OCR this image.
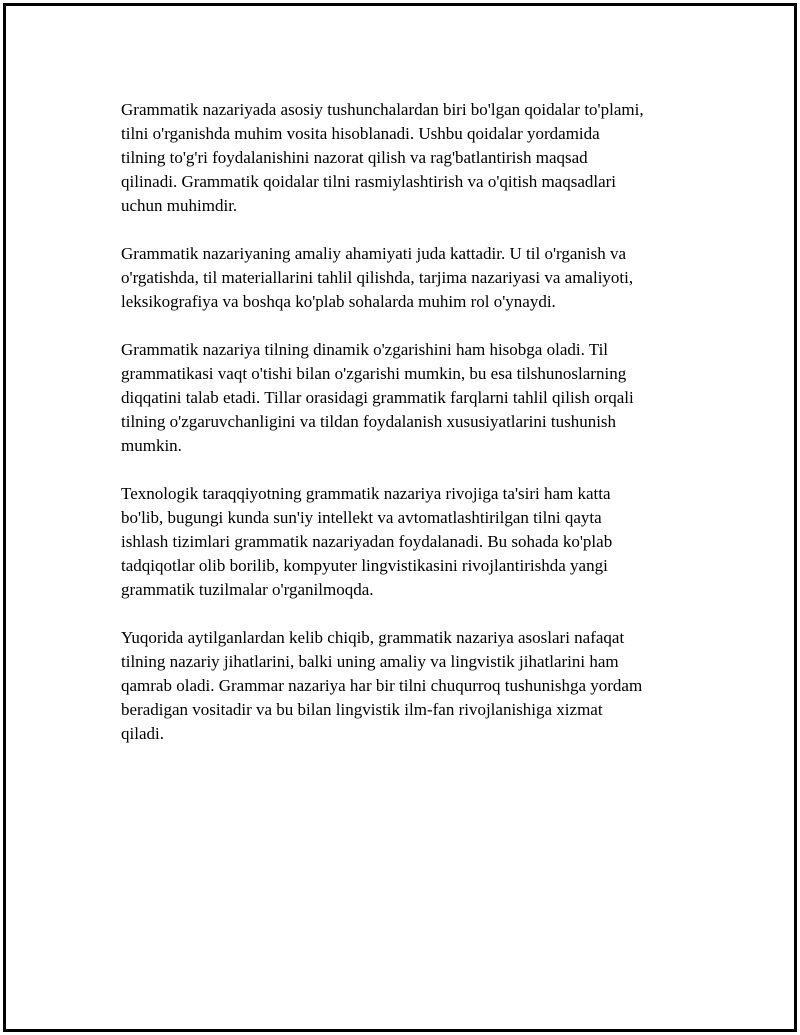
Grammatik nazariyada asosiy tushunchalardan biri bo'lgan qoidalar to'plami,
tilni o'rganishda muhim vosita hisoblanadi. Ushbu qoidalar yordamida
tilning to'g'ri foydalanishini nazorat qilish va rag'batlantirish maqsad
qilinadi. Grammatik qoidalar tilni rasmiylashtirish va o'qitish maqsadlari
uchun muhimdir.

Grammatik nazariyaning amaliy ahamiyati juda kattadir. U til o'rganish va
o'rgatishda, til materiallarini tahlil qilishda, tarjima nazariyasi va amaliyoti,
leksikografiya va boshqa ko'plab sohalarda muhim rol o'ynaydi.

Grammatik nazariya tilning dinamik o'zgarishini ham hisobga oladi. Til
grammatikasi vaqt o'tishi bilan o'zgarishi mumkin, bu esa tilshunoslarning
diqqatini talab etadi. Tillar orasidagi grammatik farqlarni tahlil qilish orqali
tilning o'zgaruvchanligini va tildan foydalanish xususiyatlarini tushunish
mumkin.

Texnologik taraqqiyotning grammatik nazariya rivojiga ta'siri ham katta
bo'lib, bugungi kunda sun'iy intellekt va avtomatlashtirilgan tilni qayta
ishlash tizimlari grammatik nazariyadan foydalanadi. Bu sohada ko'plab
tadqiqotlar olib borilib, kompyuter lingvistikasini rivojlantirishda yangi
grammatik tuzilmalar o'rganilmoqda.

Yuqorida aytilganlardan kelib chiqib, grammatik nazariya asoslari nafaqat
tilning nazariy jihatlarini, balki uning amaliy va lingvistik jihatlarini ham
qamrab oladi. Grammar nazariya har bir tilni chuqurroq tushunishga yordam
beradigan vositadir va bu bilan lingvistik ilm-fan rivojlanishiga xizmat
qiladi.
